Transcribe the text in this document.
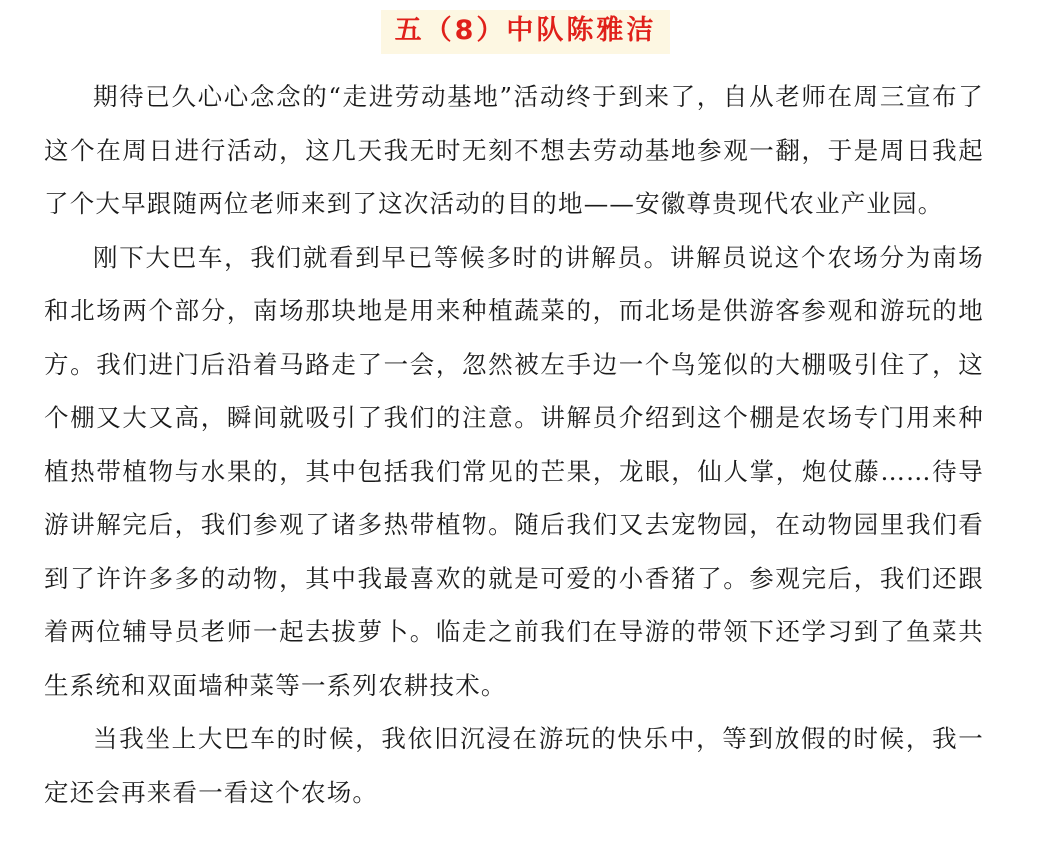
五（8）中队陈雅洁

期待已久心心念念的“走进劳动基地”活动终于到来了，自从老师在周三宣布了这个在周日进行活动，这几天我无时无刻不想去劳动基地参观一翻，于是周日我起了个大早跟随两位老师来到了这次活动的目的地——安徽尊贵现代农业产业园。

刚下大巴车，我们就看到早已等候多时的讲解员。讲解员说这个农场分为南场和北场两个部分，南场那块地是用来种植蔬菜的，而北场是供游客参观和游玩的地方。我们进门后沿着马路走了一会，忽然被左手边一个鸟笼似的大棚吸引住了，这个棚又大又高，瞬间就吸引了我们的注意。讲解员介绍到这个棚是农场专门用来种植热带植物与水果的，其中包括我们常见的芒果，龙眼，仙人掌，炮仗藤……待导游讲解完后，我们参观了诸多热带植物。随后我们又去宠物园，在动物园里我们看到了许许多多的动物，其中我最喜欢的就是可爱的小香猪了。参观完后，我们还跟着两位辅导员老师一起去拔萝卜。临走之前我们在导游的带领下还学习到了鱼菜共生系统和双面墙种菜等一系列农耕技术。

当我坐上大巴车的时候，我依旧沉浸在游玩的快乐中，等到放假的时候，我一定还会再来看一看这个农场。
